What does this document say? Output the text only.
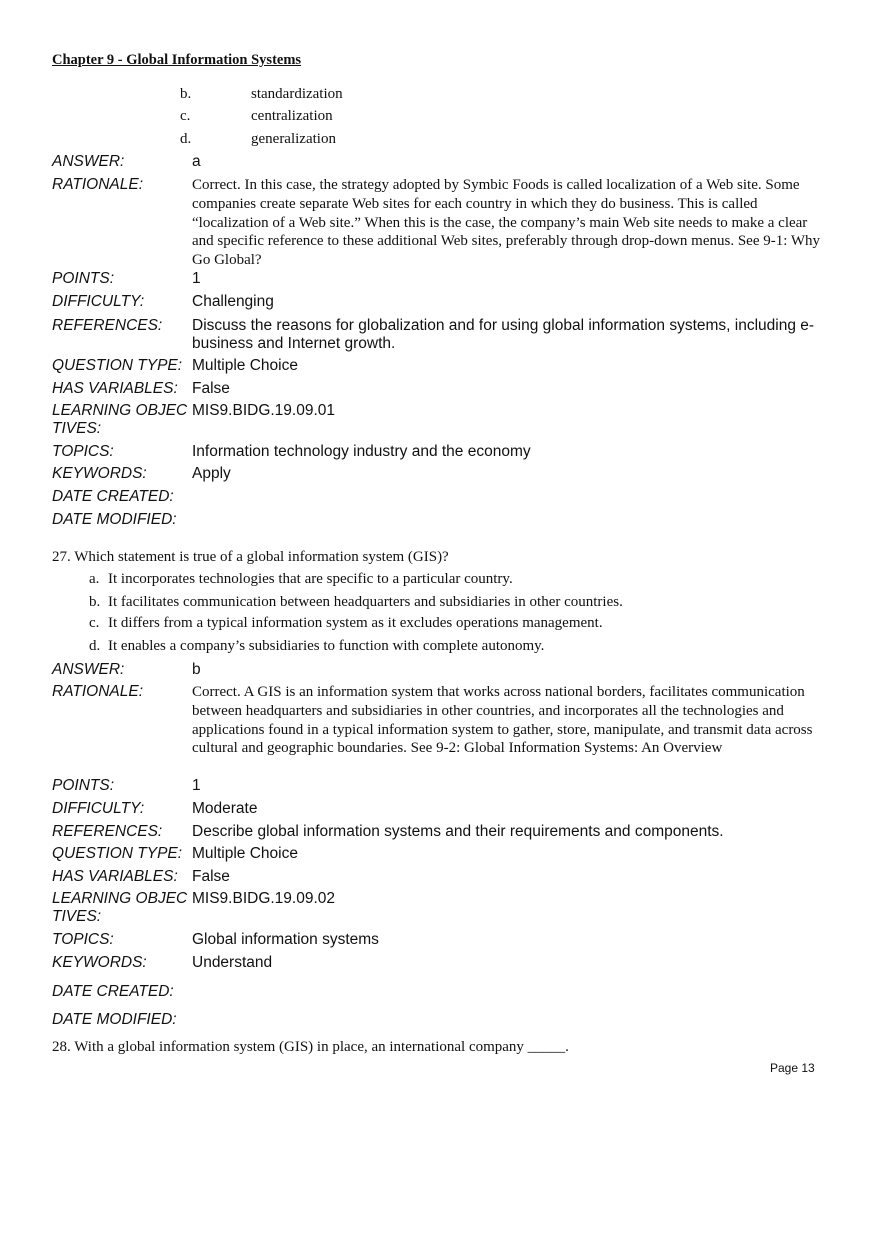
Chapter 9 - Global Information Systems
b.	standardization
c.	centralization
d.	generalization
ANSWER:	a
RATIONALE:	Correct. In this case, the strategy adopted by Symbic Foods is called localization of a Web site. Some companies create separate Web sites for each country in which they do business. This is called “localization of a Web site.” When this is the case, the company’s main Web site needs to make a clear and specific reference to these additional Web sites, preferably through drop-down menus. See 9-1: Why Go Global?
POINTS:	1
DIFFICULTY:	Challenging
REFERENCES: Discuss the reasons for globalization and for using global information systems, including e-business and Internet growth.
QUESTION TYPE: Multiple Choice
HAS VARIABLES: False
LEARNING OBJEC
TIVES:
MIS9.BIDG.19.09.01
TOPICS:	Information technology industry and the economy
KEYWORDS:	Apply
DATE CREATED:
DATE MODIFIED:
27. Which statement is true of a global information system (GIS)?
a. It incorporates technologies that are specific to a particular country.
b. It facilitates communication between headquarters and subsidiaries in other countries.
c. It differs from a typical information system as it excludes operations management.
d. It enables a company’s subsidiaries to function with complete autonomy.
ANSWER:	b
RATIONALE:	Correct. A GIS is an information system that works across national borders, facilitates communication between headquarters and subsidiaries in other countries, and incorporates all the technologies and applications found in a typical information system to gather, store, manipulate, and transmit data across cultural and geographic boundaries. See 9-2: Global Information Systems: An Overview
POINTS:	1
DIFFICULTY:	Moderate
REFERENCES: Describe global information systems and their requirements and components.
QUESTION TYPE: Multiple Choice
HAS VARIABLES: False
LEARNING OBJEC
TIVES:
MIS9.BIDG.19.09.02
TOPICS:	Global information systems
KEYWORDS:	Understand
DATE CREATED:
DATE MODIFIED:
28. With a global information system (GIS) in place, an international company _____.
Page 13
